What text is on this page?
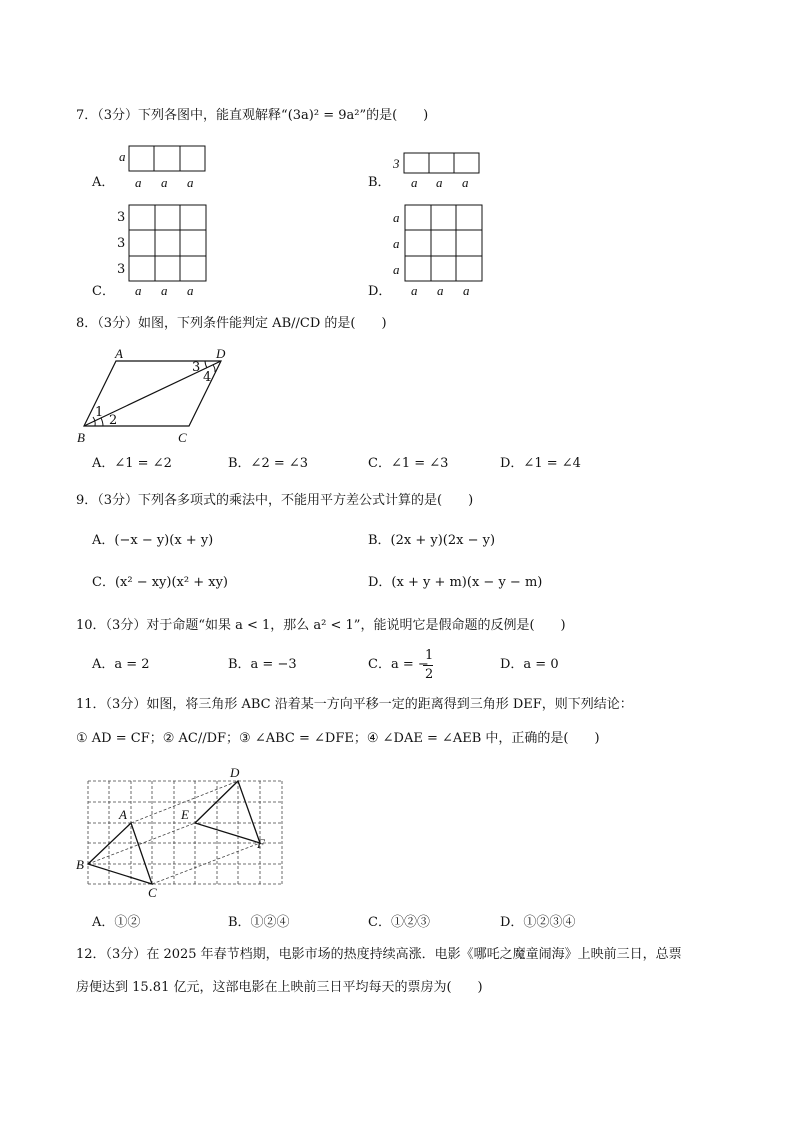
7．（3分）下列各图中，能直观解释“(3a)² = 9a²”的是(　　)
A．
a
a a a	B．
3
a a a
C．
3
3
3
a a a	D．
a
a
a
a a a
8．（3分）如图，下列条件能判定 AB//CD 的是(　　)
A	D
B	C
1
2
3
4
A．∠1 = ∠2	B．∠2 = ∠3	C．∠1 = ∠3	D．∠1 = ∠4
9．（3分）下列各多项式的乘法中，不能用平方差公式计算的是(　　)
A．(−x − y)(x + y)	B．(2x + y)(2x − y)
C．(x² − xy)(x² + xy)	D．(x + y + m)(x − y − m)
10．（3分）对于命题“如果 a < 1，那么 a² < 1”，能说明它是假命题的反例是(　　)
A．a = 2	B．a = −3	C．a = −
1
2
D．a = 0
11．（3分）如图，将三角形 ABC 沿着某一方向平移一定的距离得到三角形 DEF，则下列结论：
① AD = CF；② AC//DF；③ ∠ABC = ∠DFE；④ ∠DAE = ∠AEB 中，正确的是(　　)
A
B
C
D
E
F
A．①②	B．①②④	C．①②③	D．①②③④
12．（3分）在 2025 年春节档期，电影市场的热度持续高涨．电影《哪吒之魔童闹海》上映前三日，总票
房便达到 15.81 亿元，这部电影在上映前三日平均每天的票房为(　　)
